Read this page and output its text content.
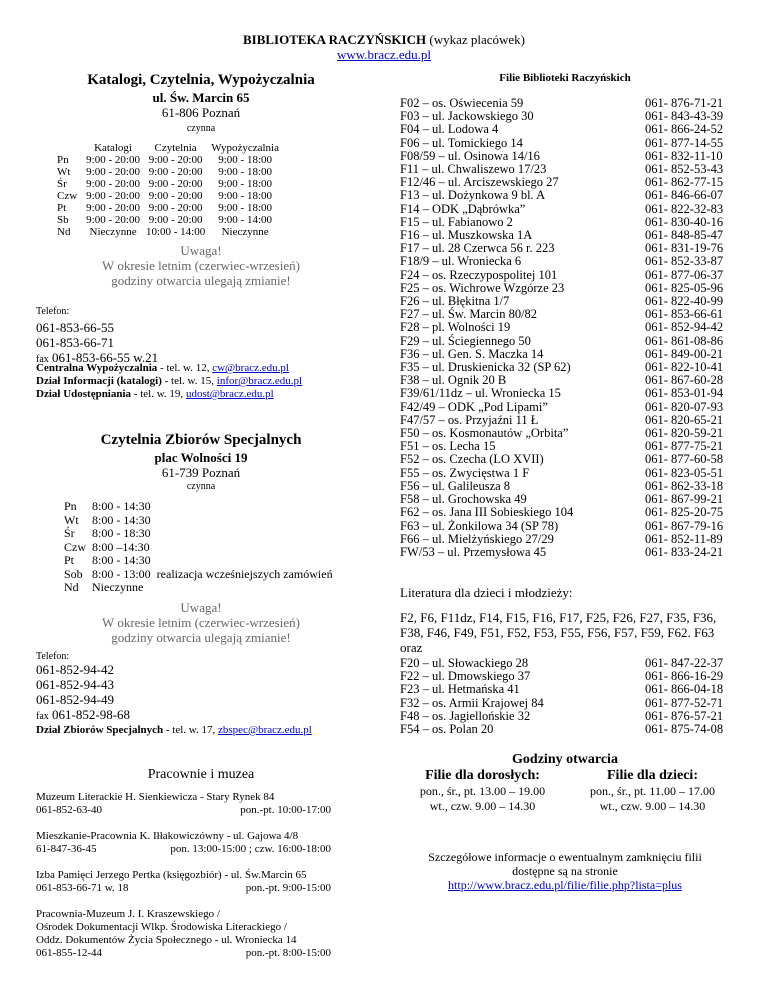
BIBLIOTEKA RACZYŃSKICH (wykaz placówek)
www.bracz.edu.pl
Katalogi, Czytelnia, Wypożyczalnia
ul. Św. Marcin 65
61-806 Poznań
czynna
	Katalogi	Czytelnia	Wypożyczalnia
Pn	9:00 - 20:00	9:00 - 20:00	9:00 - 18:00
Wt	9:00 - 20:00	9:00 - 20:00	9:00 - 18:00
Śr	9:00 - 20:00	9:00 - 20:00	9:00 - 18:00
Czw	9:00 - 20:00	9:00 - 20:00	9:00 - 18:00
Pt	9:00 - 20:00	9:00 - 20:00	9:00 - 18:00
Sb	9:00 - 20:00	9:00 - 20:00	9:00 - 14:00
Nd	Nieczynne	10:00 - 14:00	Nieczynne
Uwaga!
W okresie letnim (czerwiec-wrzesień)
godziny otwarcia ulegają zmianie!
Telefon:
061-853-66-55
061-853-66-71
fax 061-853-66-55 w.21
Centralna Wypożyczalnia - tel. w. 12, cw@bracz.edu.pl
Dział Informacji (katalogi) - tel. w. 15, infor@bracz.edu.pl
Dział Udostępniania - tel. w. 19, udost@bracz.edu.pl
Czytelnia Zbiorów Specjalnych
plac Wolności 19
61-739 Poznań
czynna
Pn	8:00 - 14:30	
Wt	8:00 - 14:30	
Śr	8:00 - 18:30	
Czw	8:00 –14:30	
Pt	8:00 - 14:30	
Sob	8:00 - 13:00	realizacja wcześniejszych zamówień
Nd	Nieczynne	
Uwaga!
W okresie letnim (czerwiec-wrzesień)
godziny otwarcia ulegają zmianie!
Telefon:
061-852-94-42
061-852-94-43
061-852-94-49
fax 061-852-98-68
Dział Zbiorów Specjalnych - tel. w. 17, zbspec@bracz.edu.pl
Pracownie i muzea
Muzeum Literackie H. Sienkiewicza - Stary Rynek 84
061-852-63-40	pon.-pt. 10:00-17:00
Mieszkanie-Pracownia K. Iłłakowiczówny - ul. Gajowa 4/8
61-847-36-45	pon. 13:00-15:00 ; czw. 16:00-18:00
Izba Pamięci Jerzego Pertka (księgozbiór) - ul. Św.Marcin 65
061-853-66-71 w. 18	pon.-pt. 9:00-15:00
Pracownia-Muzeum J. I. Kraszewskiego /
Ośrodek Dokumentacji Wlkp. Środowiska Literackiego /
Oddz. Dokumentów Życia Społecznego - ul. Wroniecka 14
061-855-12-44	pon.-pt. 8:00-15:00
Filie Biblioteki Raczyńskich
F02 – os. Oświecenia 59	061- 876-71-21
F03 – ul. Jackowskiego 30	061- 843-43-39
F04 – ul. Lodowa 4	061- 866-24-52
F06 – ul. Tomickiego 14	061- 877-14-55
F08/59 – ul. Osinowa 14/16	061- 832-11-10
F11 – ul. Chwaliszewo 17/23	061- 852-53-43
F12/46 – ul. Arciszewskiego 27	061- 862-77-15
F13 – ul. Dożynkowa 9 bl. A	061- 846-66-07
F14 – ODK „Dąbrówka”	061- 822-32-83
F15 – ul. Fabianowo 2	061- 830-40-16
F16 – ul. Muszkowska 1A	061- 848-85-47
F17 – ul. 28 Czerwca 56 r. 223	061- 831-19-76
F18/9 – ul. Wroniecka 6	061- 852-33-87
F24 – os. Rzeczypospolitej 101	061- 877-06-37
F25 – os. Wichrowe Wzgórze 23	061- 825-05-96
F26 – ul. Błękitna 1/7	061- 822-40-99
F27 – ul. Św. Marcin 80/82	061- 853-66-61
F28 – pl. Wolności 19	061- 852-94-42
F29 – ul. Ściegiennego 50	061- 861-08-86
F36 – ul. Gen. S. Maczka 14	061- 849-00-21
F35 – ul. Druskienicka 32 (SP 62)	061- 822-10-41
F38 – ul. Ognik 20 B	061- 867-60-28
F39/61/11dz – ul. Wroniecka 15	061- 853-01-94
F42/49 – ODK „Pod Lipami”	061- 820-07-93
F47/57 – os. Przyjaźni 11 Ł	061- 820-65-21
F50 – os. Kosmonautów „Orbita”	061- 820-59-21
F51 – os. Lecha 15	061- 877-75-21
F52 – os. Czecha (LO XVII)	061- 877-60-58
F55 – os. Zwycięstwa 1 F	061- 823-05-51
F56 – ul. Galileusza 8	061- 862-33-18
F58 – ul. Grochowska 49	061- 867-99-21
F62 – os. Jana III Sobieskiego 104	061- 825-20-75
F63 – ul. Żonkilowa 34 (SP 78)	061- 867-79-16
F66 – ul. Mielżyńskiego 27/29	061- 852-11-89
FW/53 – ul. Przemysłowa 45	061- 833-24-21
Literatura dla dzieci i młodzieży:
F2, F6, F11dz, F14, F15, F16, F17, F25, F26, F27, F35, F36, F38, F46, F49, F51, F52, F53, F55, F56, F57, F59, F62. F63
oraz
F20 – ul. Słowackiego 28	061- 847-22-37
F22 – ul. Dmowskiego 37	061- 866-16-29
F23 – ul. Hetmańska 41	061- 866-04-18
F32 – os. Armii Krajowej 84	061- 877-52-71
F48 – os. Jagiellońskie 32	061- 876-57-21
F54 – os. Polan 20	061- 875-74-08
Godziny otwarcia
Filie dla dorosłych:
pon., śr., pt. 13.00 – 19.00
wt., czw. 9.00 – 14.30
Filie dla dzieci:
pon., śr., pt. 11.00 – 17.00
wt., czw. 9.00 – 14.30
Szczegółowe informacje o ewentualnym zamknięciu filii
dostępne są na stronie
http://www.bracz.edu.pl/filie/filie.php?lista=plus
